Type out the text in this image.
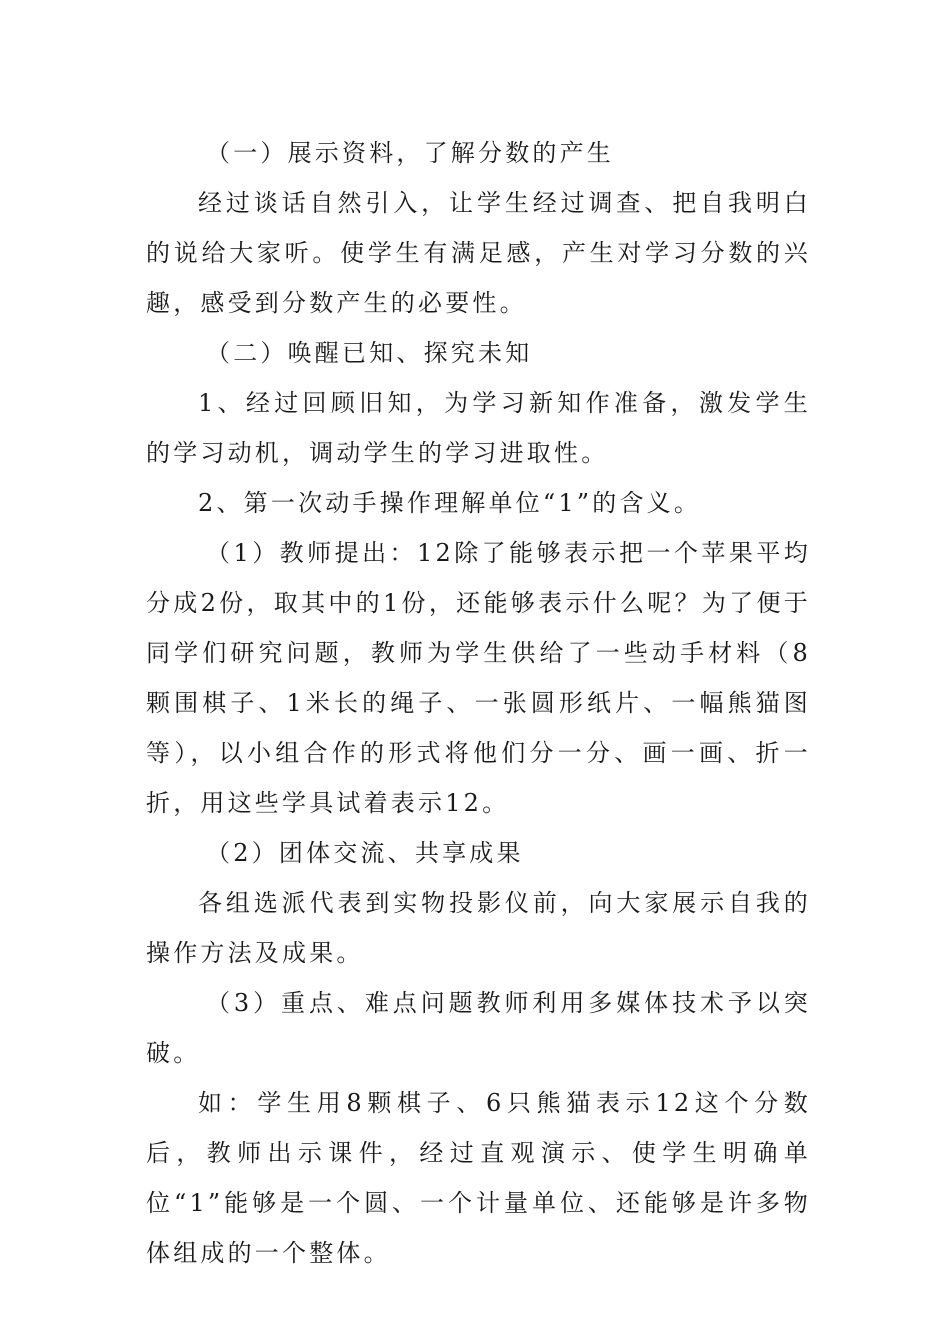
（一）展示资料，了解分数的产生

经过谈话自然引入，让学生经过调查、把自我明白的说给大家听。使学生有满足感，产生对学习分数的兴趣，感受到分数产生的必要性。

（二）唤醒已知、探究未知

1、经过回顾旧知，为学习新知作准备，激发学生的学习动机，调动学生的学习进取性。

2、第一次动手操作理解单位“1”的含义。

（1）教师提出：12除了能够表示把一个苹果平均分成2份，取其中的1份，还能够表示什么呢？为了便于同学们研究问题，教师为学生供给了一些动手材料（8颗围棋子、1米长的绳子、一张圆形纸片、一幅熊猫图等），以小组合作的形式将他们分一分、画一画、折一折，用这些学具试着表示12。

（2）团体交流、共享成果

各组选派代表到实物投影仪前，向大家展示自我的操作方法及成果。

（3）重点、难点问题教师利用多媒体技术予以突破。

如：学生用8颗棋子、6只熊猫表示12这个分数后，教师出示课件，经过直观演示、使学生明确单位“1”能够是一个圆、一个计量单位、还能够是许多物体组成的一个整体。
